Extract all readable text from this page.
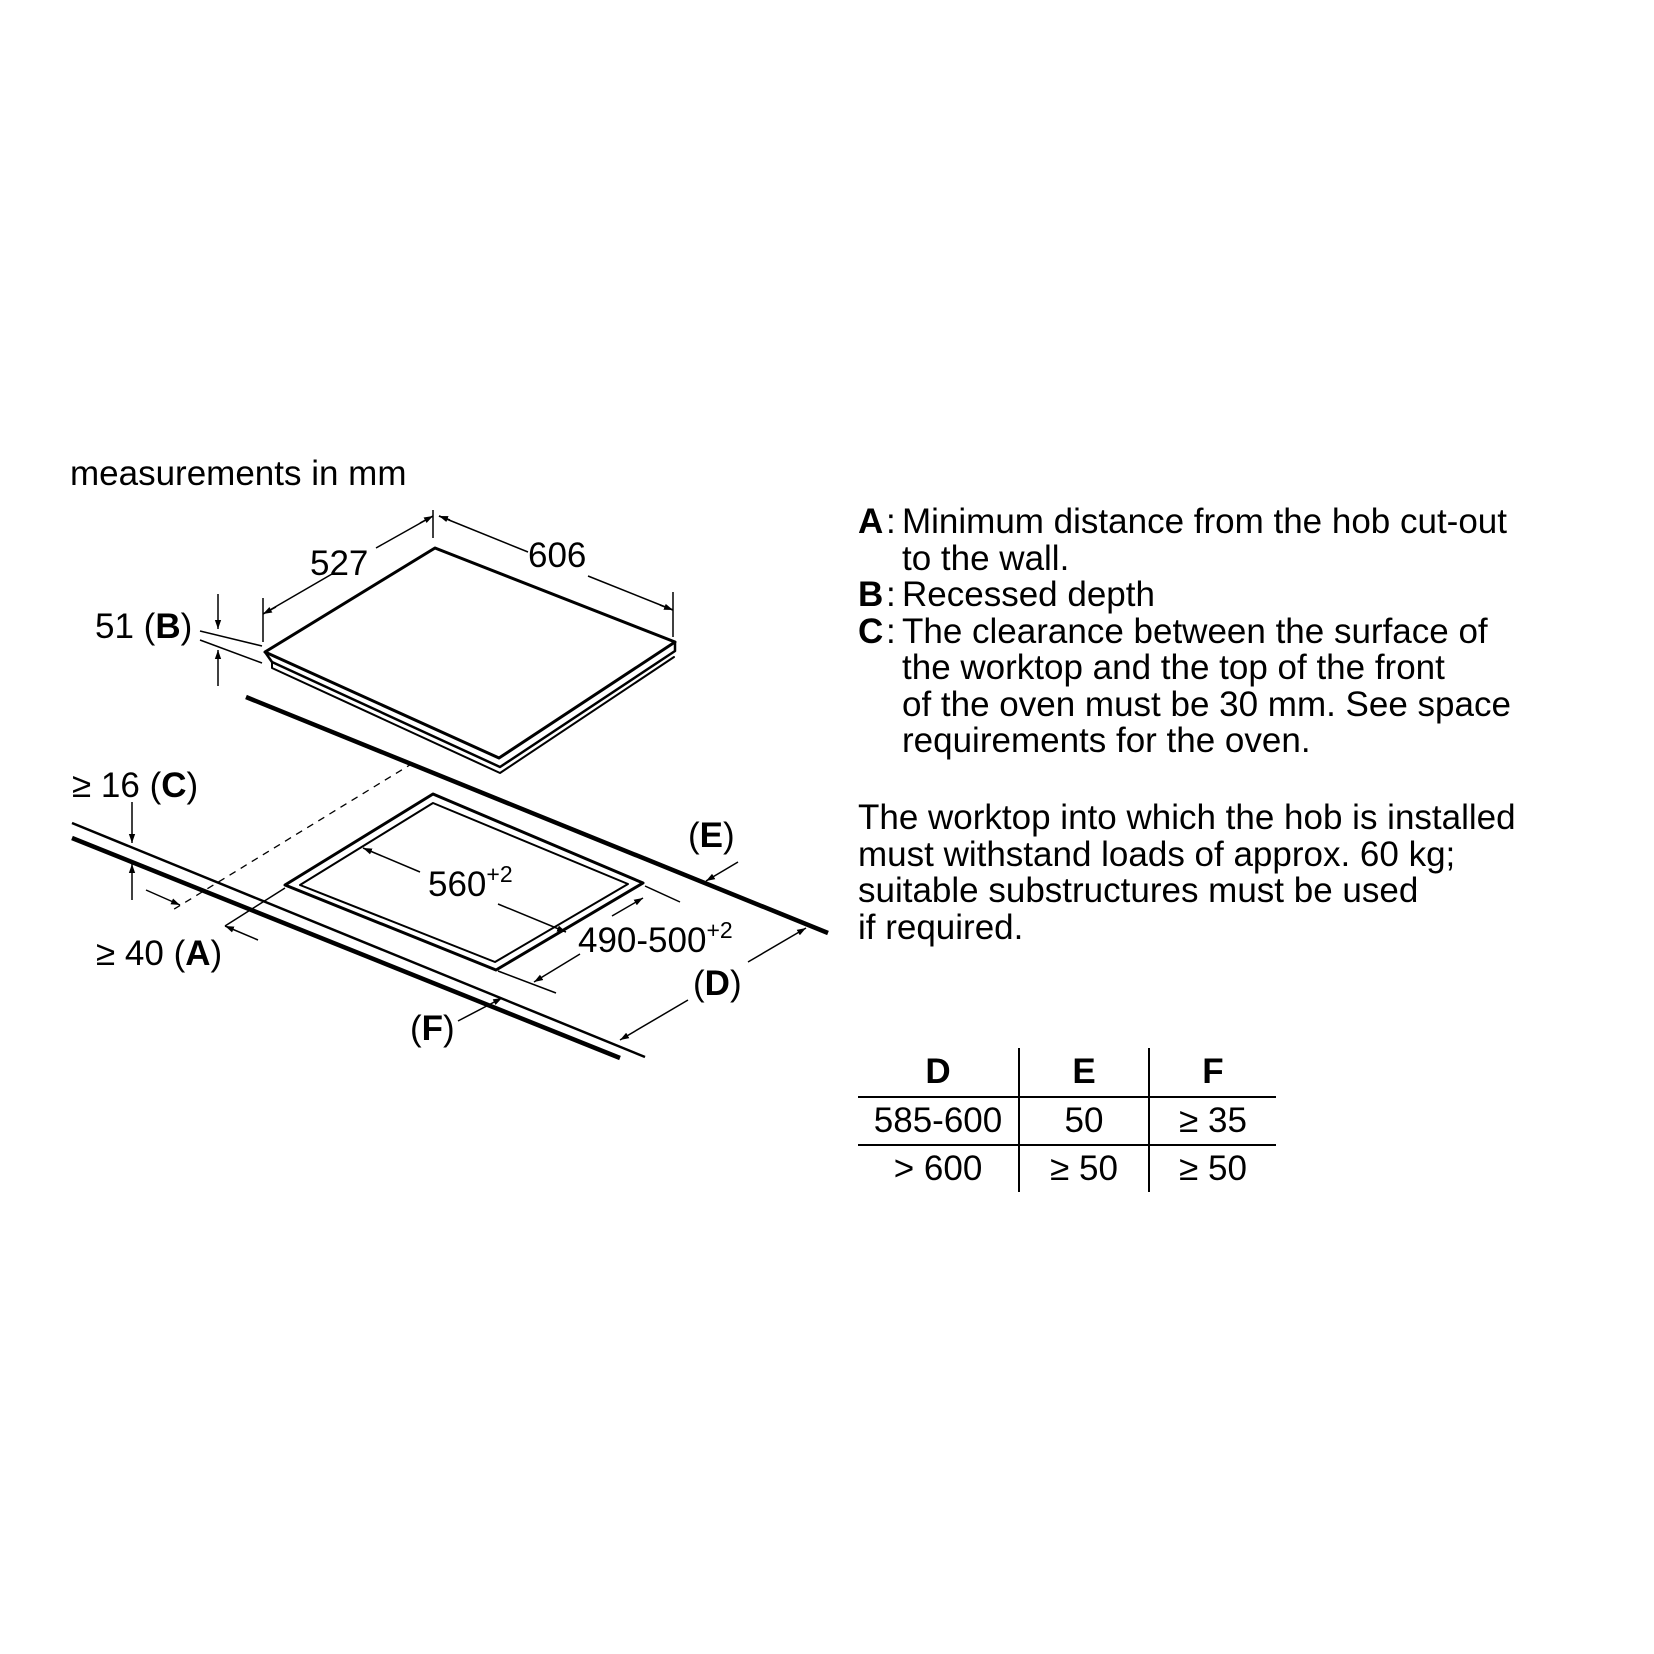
measurements in mm
606
527
51 (B)
≥ 16 (C)
≥ 40 (A)
$560^{+2}$
$490-500^{+2}$
(D)
(E)
(F)
A : Minimum distance from the hob cut-out
to the wall.
B : Recessed depth
C : The clearance between the surface of
the worktop and the top of the front
of the oven must be 30 mm. See space
requirements for the oven.
The worktop into which the hob is installed
must withstand loads of approx. 60 kg;
suitable substructures must be used
if required.
D	E	F
585-600	50	≥ 35
> 600	≥ 50	≥ 50
